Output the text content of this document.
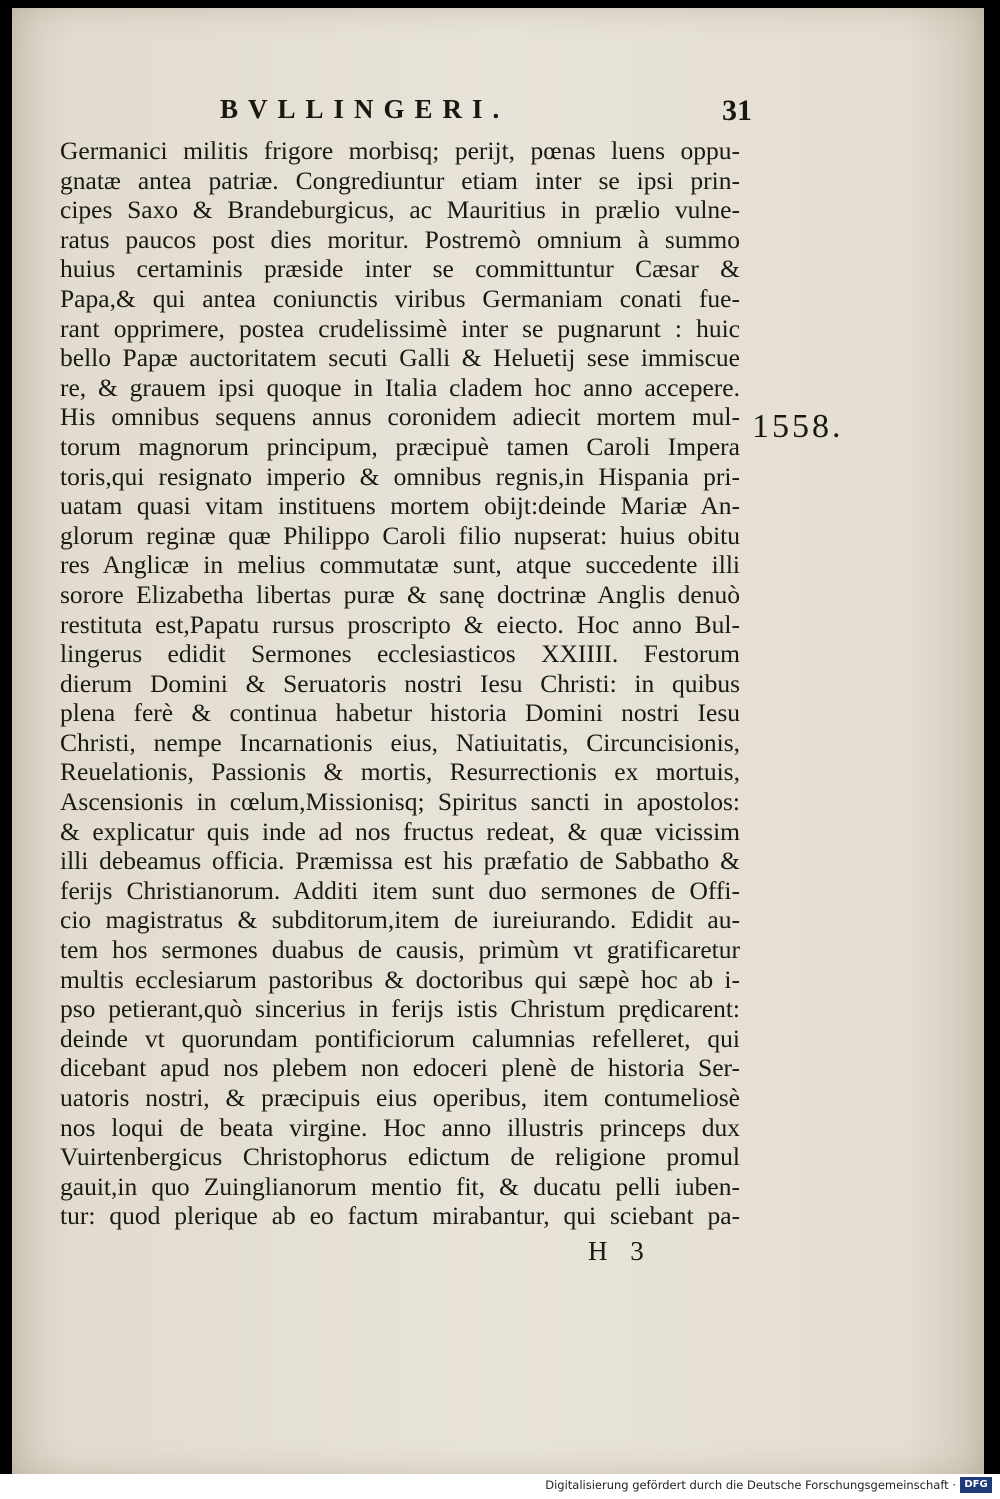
BVLLINGERI.	31
Germanici militis frigore morbisq; perijt, pœnas luens oppu-
gnatæ antea patriæ. Congrediuntur etiam inter se ipsi prin-
cipes Saxo & Brandeburgicus, ac Mauritius in prælio vulne-
ratus paucos post dies moritur. Postremò omnium à summo
huius certaminis præside inter se committuntur Cæsar &
Papa,& qui antea coniunctis viribus Germaniam conati fue-
rant opprimere, postea crudelissimè inter se pugnarunt : huic
bello Papæ auctoritatem secuti Galli & Heluetij sese immiscue
re, & grauem ipsi quoque in Italia cladem hoc anno accepere.
His omnibus sequens annus coronidem adiecit mortem mul-
torum magnorum principum, præcipuè tamen Caroli Impera
toris,qui resignato imperio & omnibus regnis,in Hispania pri-
uatam quasi vitam instituens mortem obijt:deinde Mariæ An-
glorum reginæ quæ Philippo Caroli filio nupserat: huius obitu
res Anglicæ in melius commutatæ sunt, atque succedente illi
sorore Elizabetha libertas puræ & sanę doctrinæ Anglis denuò
restituta est,Papatu rursus proscripto & eiecto. Hoc anno Bul-
lingerus edidit Sermones ecclesiasticos XXIIII. Festorum
dierum Domini & Seruatoris nostri Iesu Christi: in quibus
plena ferè & continua habetur historia Domini nostri Iesu
Christi, nempe Incarnationis eius, Natiuitatis, Circuncisionis,
Reuelationis, Passionis & mortis, Resurrectionis ex mortuis,
Ascensionis in cœlum,Missionisq; Spiritus sancti in apostolos:
& explicatur quis inde ad nos fructus redeat, & quæ vicissim
illi debeamus officia. Præmissa est his præfatio de Sabbatho &
ferijs Christianorum. Additi item sunt duo sermones de Offi-
cio magistratus & subditorum,item de iureiurando. Edidit au-
tem hos sermones duabus de causis, primùm vt gratificaretur
multis ecclesiarum pastoribus & doctoribus qui sæpè hoc ab i-
pso petierant,quò sincerius in ferijs istis Christum prędicarent:
deinde vt quorundam pontificiorum calumnias refelleret, qui
dicebant apud nos plebem non edoceri plenè de historia Ser-
uatoris nostri, & præcipuis eius operibus, item contumeliosè
nos loqui de beata virgine. Hoc anno illustris princeps dux
Vuirtenbergicus Christophorus edictum de religione promul
gauit,in quo Zuinglianorum mentio fit, & ducatu pelli iuben-
tur: quod plerique ab eo factum mirabantur, qui sciebant pa-
1558.
H 3
Digitalisierung gefördert durch die Deutsche Forschungsgemeinschaft · DFG
